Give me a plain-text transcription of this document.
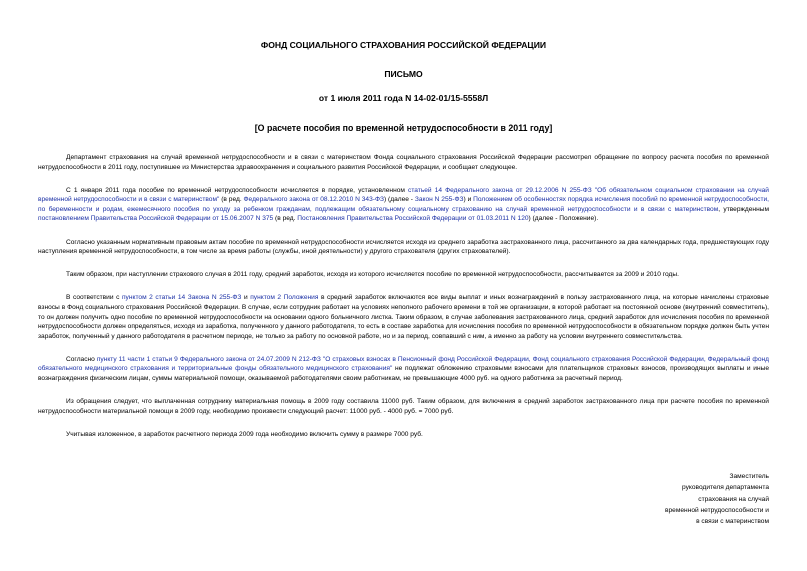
ФОНД СОЦИАЛЬНОГО СТРАХОВАНИЯ РОССИЙСКОЙ ФЕДЕРАЦИИ
ПИСЬМО
от 1 июля 2011 года N 14-02-01/15-5558Л
[О расчете пособия по временной нетрудоспособности в 2011 году]

Департамент страхования на случай временной нетрудоспособности и в связи с материнством Фонда социального страхования Российской Федерации рассмотрел обращение по вопросу расчета пособия по временной нетрудоспособности в 2011 году, поступившее из Министерства здравоохранения и социального развития Российской Федерации, и сообщает следующее.

С 1 января 2011 года пособие по временной нетрудоспособности исчисляется в порядке, установленном статьей 14 Федерального закона от 29.12.2006 N 255-ФЗ "Об обязательном социальном страховании на случай временной нетрудоспособности и в связи с материнством" (в ред. Федерального закона от 08.12.2010 N 343-ФЗ) (далее - Закон N 255-ФЗ) и Положением об особенностях порядка исчисления пособий по временной нетрудоспособности, по беременности и родам, ежемесячного пособия по уходу за ребенком гражданам, подлежащим обязательному социальному страхованию на случай временной нетрудоспособности и в связи с материнством, утвержденным постановлением Правительства Российской Федерации от 15.06.2007 N 375 (в ред. Постановления Правительства Российской Федерации от 01.03.2011 N 120) (далее - Положение).

Согласно указанным нормативным правовым актам пособие по временной нетрудоспособности исчисляется исходя из среднего заработка застрахованного лица, рассчитанного за два календарных года, предшествующих году наступления временной нетрудоспособности, в том числе за время работы (службы, иной деятельности) у другого страхователя (других страхователей).

Таким образом, при наступлении страхового случая в 2011 году, средний заработок, исходя из которого исчисляется пособие по временной нетрудоспособности, рассчитывается за 2009 и 2010 годы.

В соответствии с пунктом 2 статьи 14 Закона N 255-ФЗ и пунктом 2 Положения в средний заработок включаются все виды выплат и иных вознаграждений в пользу застрахованного лица, на которые начислены страховые взносы в Фонд социального страхования Российской Федерации. В случае, если сотрудник работает на условиях неполного рабочего времени в той же организации, в которой работает на постоянной основе (внутренний совместитель), то он должен получить одно пособие по временной нетрудоспособности на основании одного больничного листка. Таким образом, в случае заболевания застрахованного лица, средний заработок для исчисления пособия по временной нетрудоспособности должен определяться, исходя из заработка, полученного у данного работодателя, то есть в составе заработка для исчисления пособия по временной нетрудоспособности в обязательном порядке должен быть учтен заработок, полученный у данного работодателя в расчетном периоде, не только за работу по основной работе, но и за период, совпавший с ним, а именно за работу на условии внутреннего совместительства.

Согласно пункту 11 части 1 статьи 9 Федерального закона от 24.07.2009 N 212-ФЗ "О страховых взносах в Пенсионный фонд Российской Федерации, Фонд социального страхования Российской Федерации, Федеральный фонд обязательного медицинского страхования и территориальные фонды обязательного медицинского страхования" не подлежат обложению страховыми взносами для плательщиков страховых взносов, производящих выплаты и иные вознаграждения физическим лицам, суммы материальной помощи, оказываемой работодателями своим работникам, не превышающие 4000 руб. на одного работника за расчетный период.

Из обращения следует, что выплаченная сотруднику материальная помощь в 2009 году составила 11000 руб. Таким образом, для включения в средний заработок застрахованного лица при расчете пособия по временной нетрудоспособности материальной помощи в 2009 году, необходимо произвести следующий расчет: 11000 руб. - 4000 руб. = 7000 руб.

Учитывая изложенное, в заработок расчетного периода 2009 года необходимо включить сумму в размере 7000 руб.

Заместитель
руководителя департамента
страхования на случай
временной нетрудоспособности и
в связи с материнством
